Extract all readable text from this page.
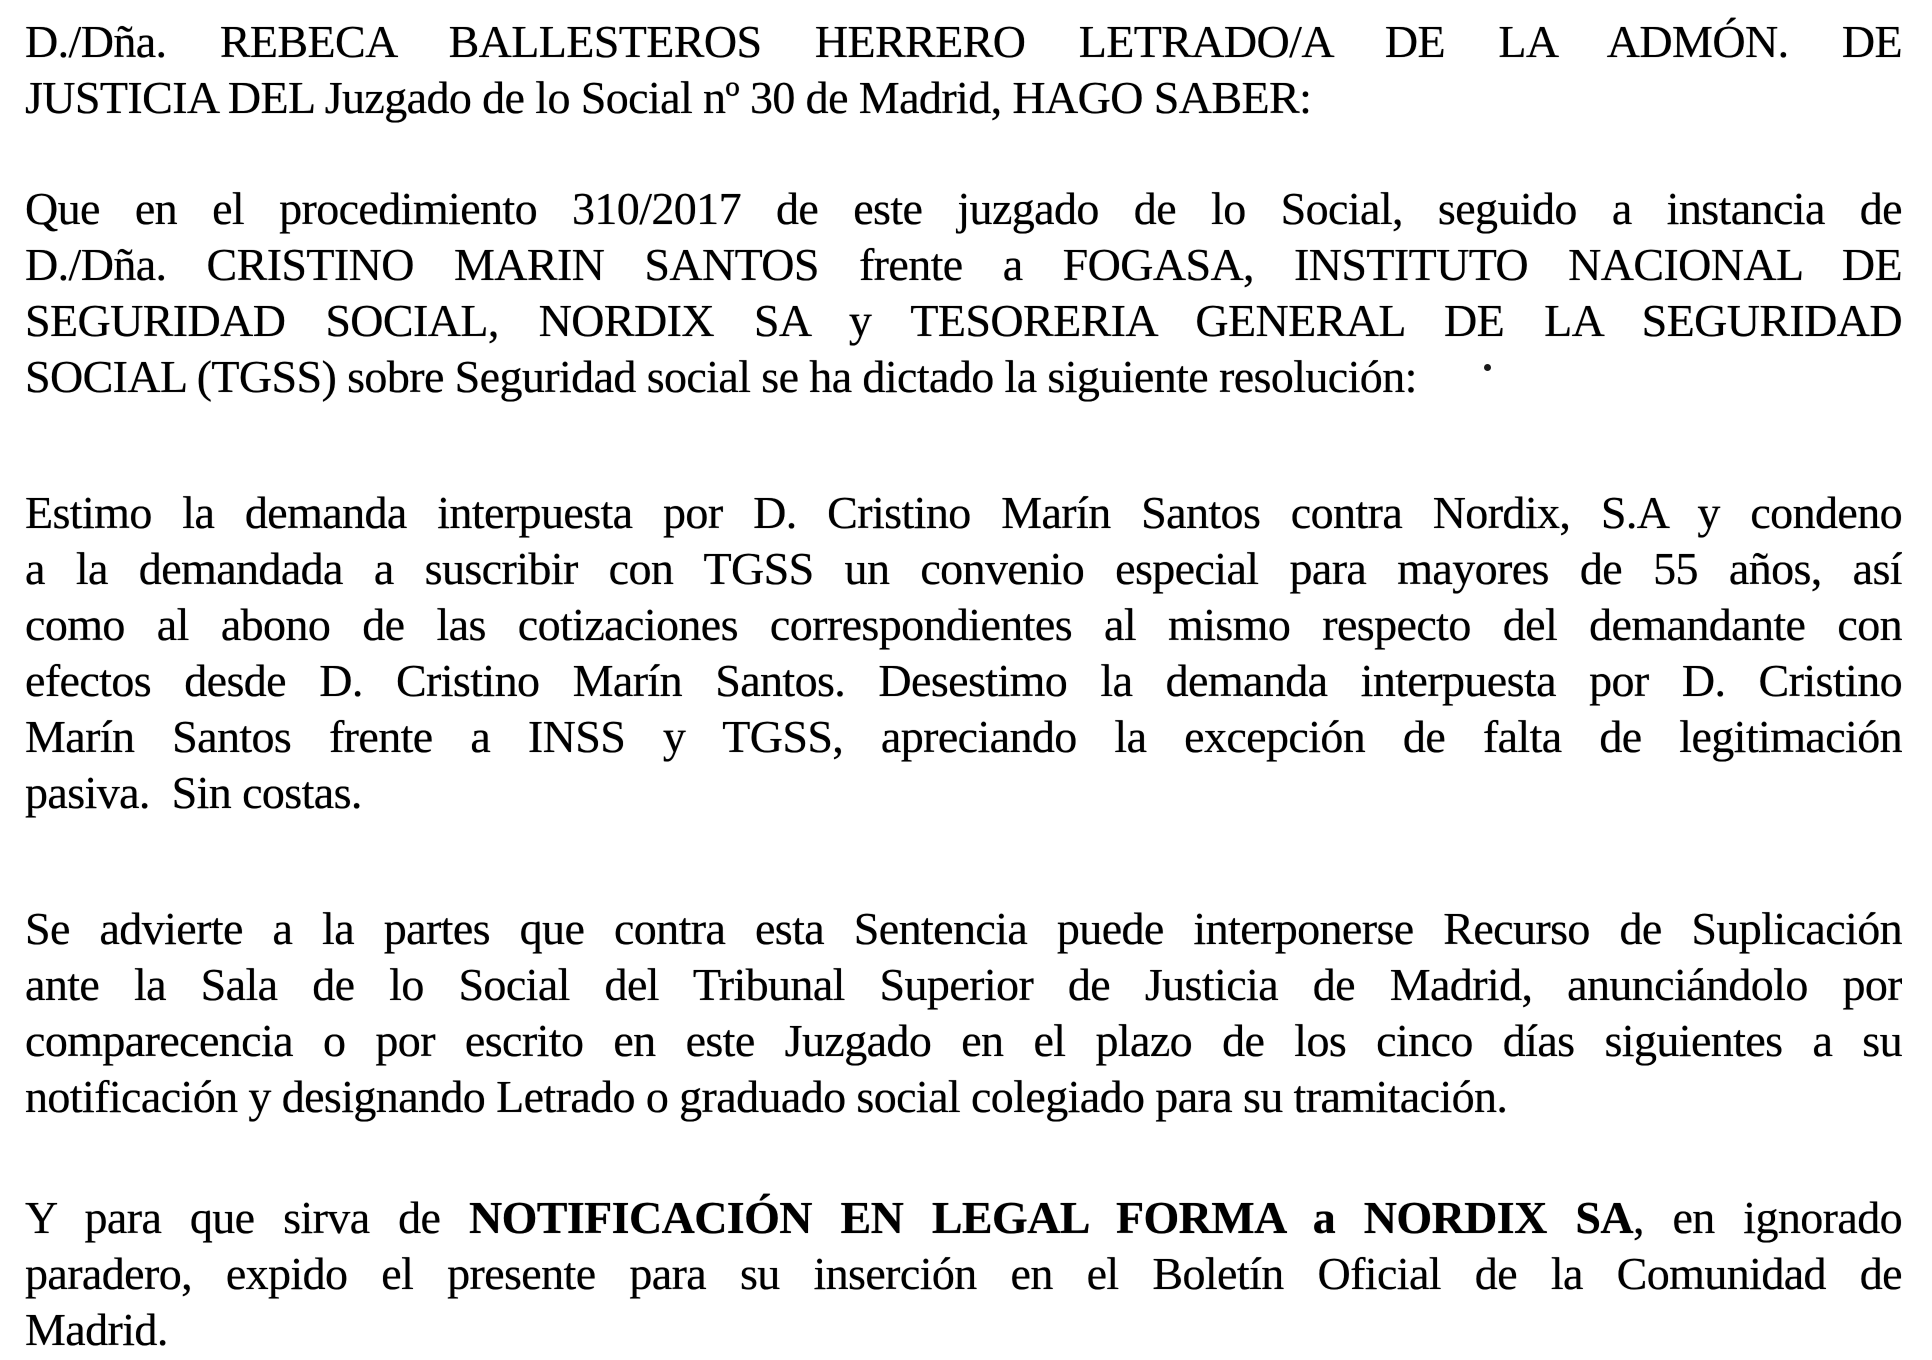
D./Dña. REBECA BALLESTEROS HERRERO LETRADO/A DE LA ADMÓN. DE
JUSTICIA DEL Juzgado de lo Social nº 30 de Madrid, HAGO SABER:
Que en el procedimiento 310/2017 de este juzgado de lo Social, seguido a instancia de
D./Dña. CRISTINO MARIN SANTOS frente a FOGASA, INSTITUTO NACIONAL DE
SEGURIDAD SOCIAL, NORDIX SA y TESORERIA GENERAL DE LA SEGURIDAD
SOCIAL (TGSS) sobre Seguridad social se ha dictado la siguiente resolución:
Estimo la demanda interpuesta por D. Cristino Marín Santos contra Nordix, S.A y condeno
a la demandada a suscribir con TGSS un convenio especial para mayores de 55 años, así
como al abono de las cotizaciones correspondientes al mismo respecto del demandante con
efectos desde D. Cristino Marín Santos. Desestimo la demanda interpuesta por D. Cristino
Marín Santos frente a INSS y TGSS, apreciando la excepción de falta de legitimación
pasiva.  Sin costas.
Se advierte a la partes que contra esta Sentencia puede interponerse Recurso de Suplicación
ante la Sala de lo Social del Tribunal Superior de Justicia de Madrid, anunciándolo por
comparecencia o por escrito en este Juzgado en el plazo de los cinco días siguientes a su
notificación y designando Letrado o graduado social colegiado para su tramitación.
Y para que sirva de NOTIFICACIÓN EN LEGAL FORMA a NORDIX SA, en ignorado
paradero, expido el presente para su inserción en el Boletín Oficial de la Comunidad de
Madrid.
